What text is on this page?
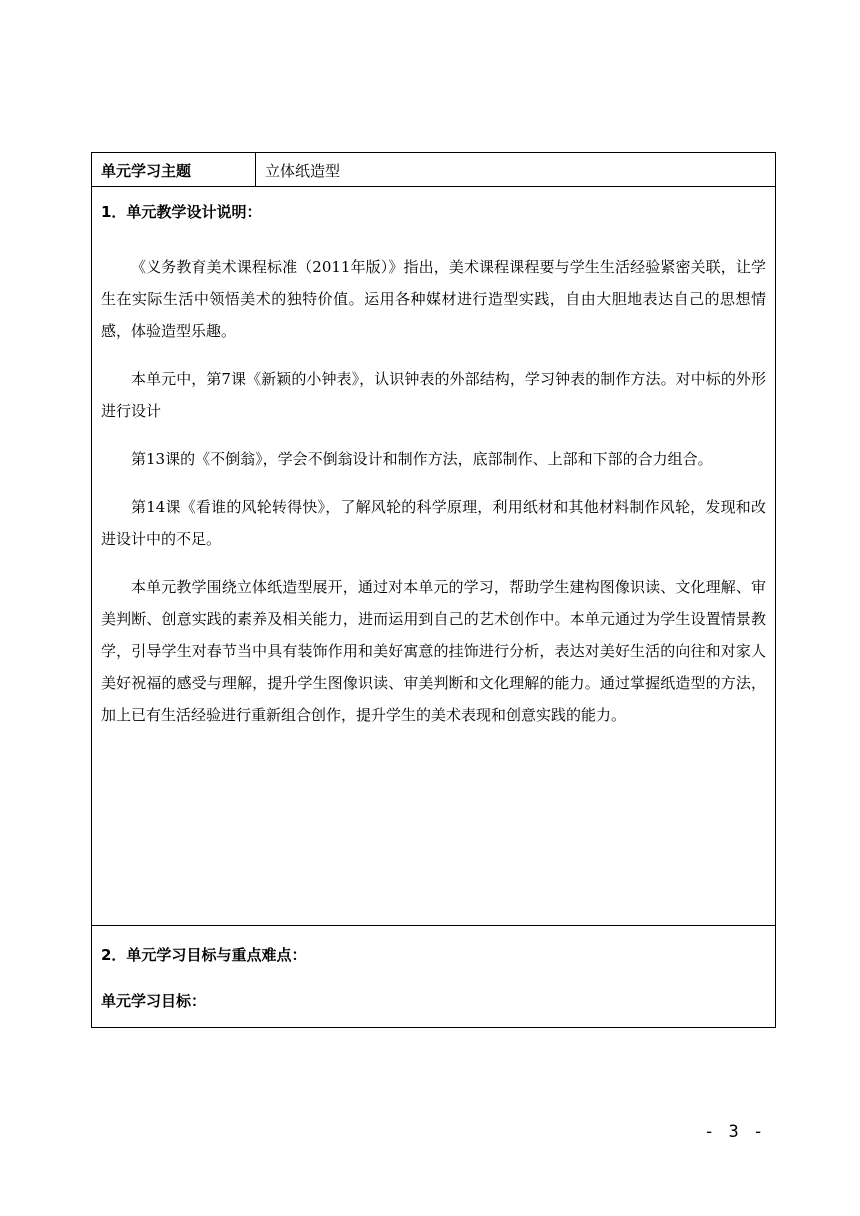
单元学习主题	立体纸造型
1．单元教学设计说明：

《义务教育美术课程标准（2011年版）》指出，美术课程课程要与学生生活经验紧密关联，让学生在实际生活中领悟美术的独特价值。运用各种媒材进行造型实践，自由大胆地表达自己的思想情感，体验造型乐趣。

本单元中，第7课《新颖的小钟表》，认识钟表的外部结构，学习钟表的制作方法。对中标的外形进行设计

第13课的《不倒翁》，学会不倒翁设计和制作方法，底部制作、上部和下部的合力组合。

第14课《看谁的风轮转得快》，了解风轮的科学原理，利用纸材和其他材料制作风轮，发现和改进设计中的不足。

本单元教学围绕立体纸造型展开，通过对本单元的学习，帮助学生建构图像识读、文化理解、审美判断、创意实践的素养及相关能力，进而运用到自己的艺术创作中。本单元通过为学生设置情景教学，引导学生对春节当中具有装饰作用和美好寓意的挂饰进行分析，表达对美好生活的向往和对家人美好祝福的感受与理解，提升学生图像识读、审美判断和文化理解的能力。通过掌握纸造型的方法，加上已有生活经验进行重新组合创作，提升学生的美术表现和创意实践的能力。

2．单元学习目标与重点难点：
单元学习目标：
- 3 -
